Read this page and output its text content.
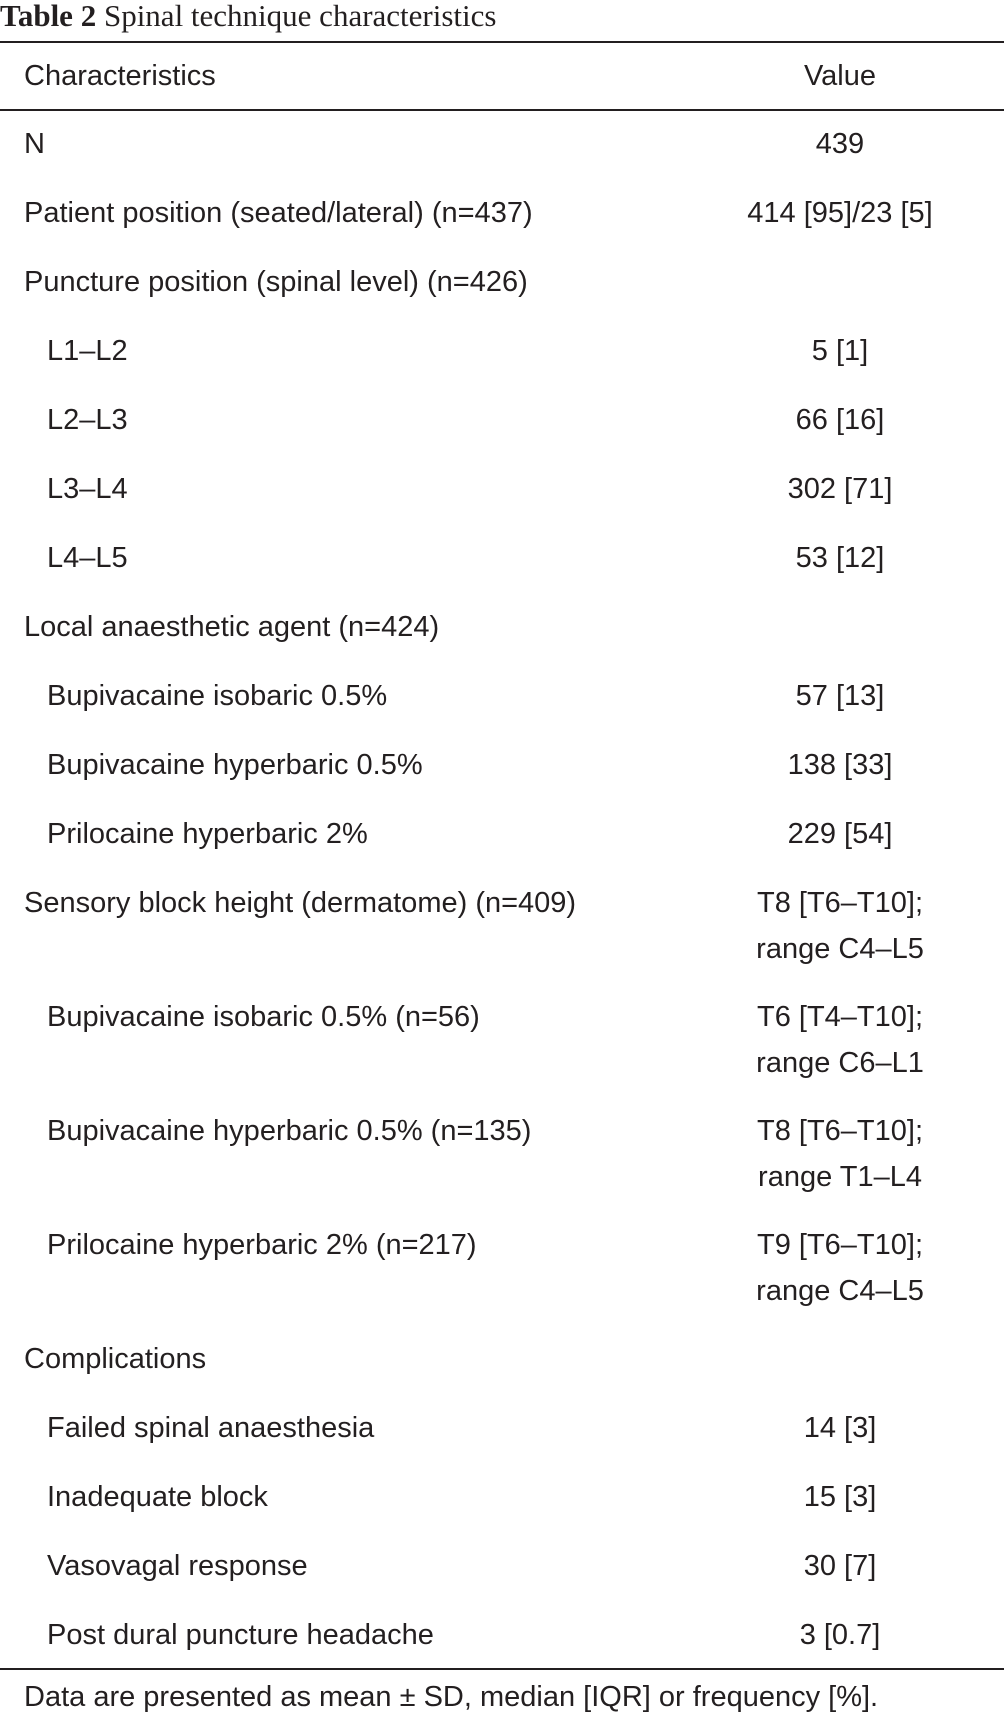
Table 2 Spinal technique characteristics
Characteristics	Value
N	439
Patient position (seated/lateral) (n=437)	414 [95]/23 [5]
Puncture position (spinal level) (n=426)
L1–L2	5 [1]
L2–L3	66 [16]
L3–L4	302 [71]
L4–L5	53 [12]
Local anaesthetic agent (n=424)
Bupivacaine isobaric 0.5%	57 [13]
Bupivacaine hyperbaric 0.5%	138 [33]
Prilocaine hyperbaric 2%	229 [54]
Sensory block height (dermatome) (n=409)	T8 [T6–T10];
range C4–L5
Bupivacaine isobaric 0.5% (n=56)	T6 [T4–T10];
range C6–L1
Bupivacaine hyperbaric 0.5% (n=135)	T8 [T6–T10];
range T1–L4
Prilocaine hyperbaric 2% (n=217)	T9 [T6–T10];
range C4–L5
Complications
Failed spinal anaesthesia	14 [3]
Inadequate block	15 [3]
Vasovagal response	30 [7]
Post dural puncture headache	3 [0.7]
Data are presented as mean ± SD, median [IQR] or frequency [%].
